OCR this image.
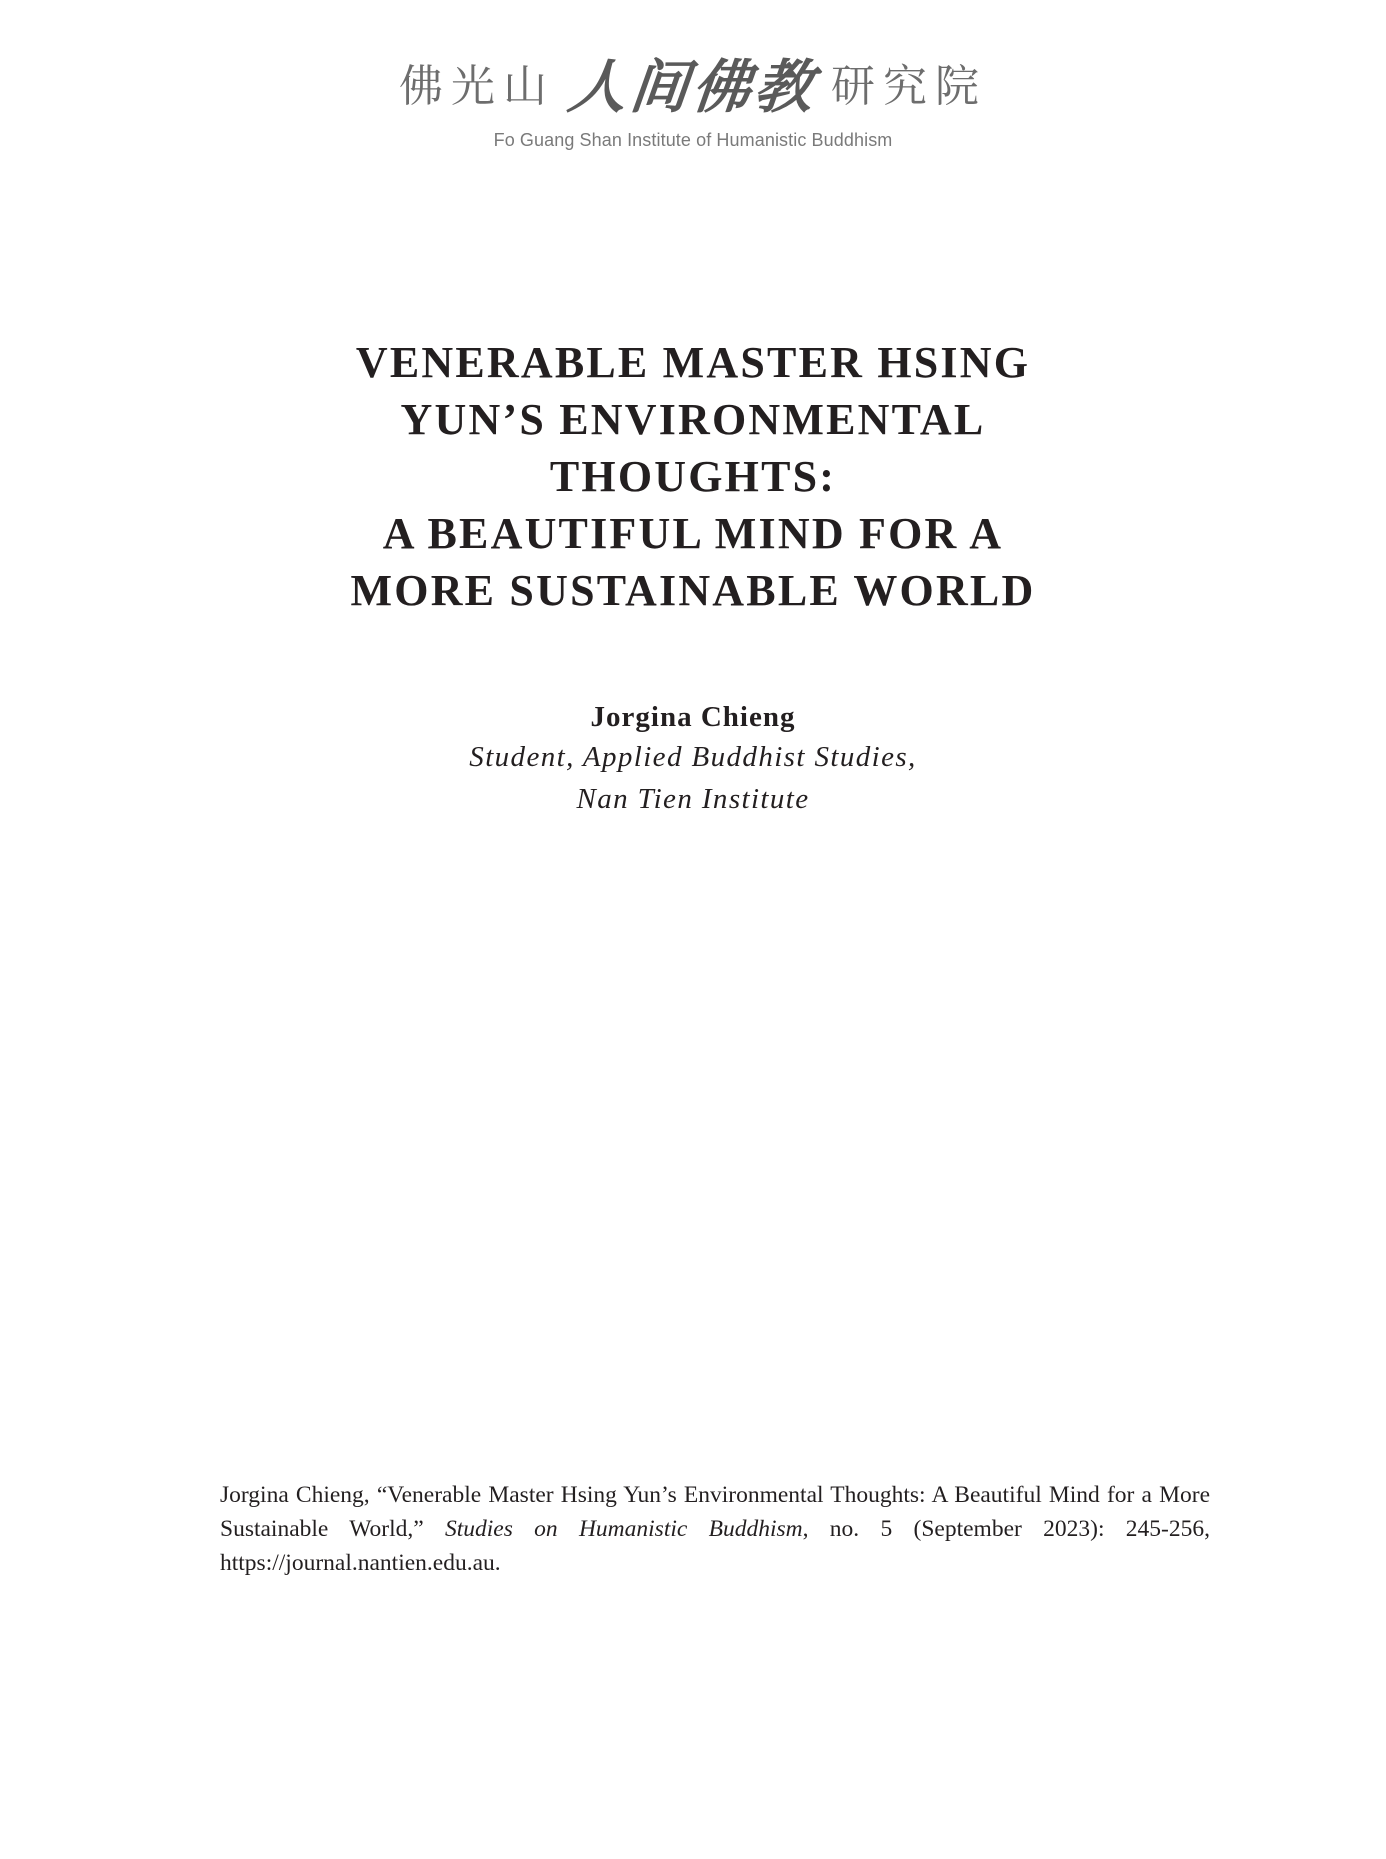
佛光山 人间佛教 研究院
Fo Guang Shan Institute of Humanistic Buddhism
VENERABLE MASTER HSING
YUN’S ENVIRONMENTAL
THOUGHTS:
A BEAUTIFUL MIND FOR A
MORE SUSTAINABLE WORLD
Jorgina Chieng
Student, Applied Buddhist Studies,
Nan Tien Institute
Jorgina Chieng, “Venerable Master Hsing Yun’s Environmental Thoughts: A Beautiful Mind for a More Sustainable World,” Studies on Humanistic Buddhism, no. 5 (September 2023): 245-256, https://journal.nantien.edu.au.
